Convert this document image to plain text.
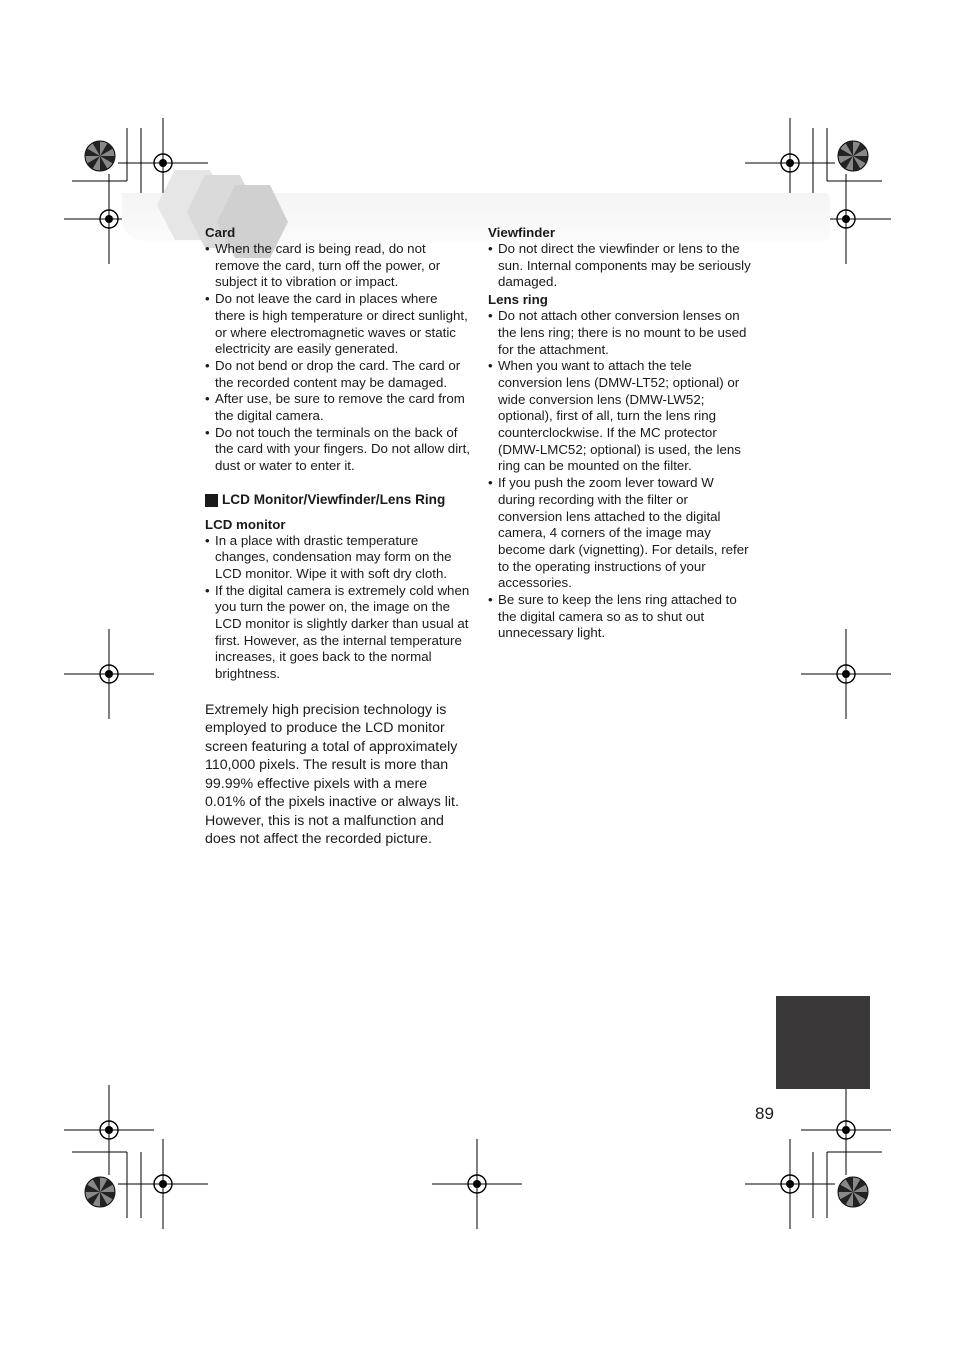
Card
• When the card is being read, do not remove the card, turn off the power, or subject it to vibration or impact.
• Do not leave the card in places where there is high temperature or direct sunlight, or where electromagnetic waves or static electricity are easily generated.
• Do not bend or drop the card. The card or the recorded content may be damaged.
• After use, be sure to remove the card from the digital camera.
• Do not touch the terminals on the back of the card with your fingers. Do not allow dirt, dust or water to enter it.
LCD Monitor/Viewfinder/Lens Ring
LCD monitor
• In a place with drastic temperature changes, condensation may form on the LCD monitor. Wipe it with soft dry cloth.
• If the digital camera is extremely cold when you turn the power on, the image on the LCD monitor is slightly darker than usual at first. However, as the internal temperature increases, it goes back to the normal brightness.

Extremely high precision technology is employed to produce the LCD monitor screen featuring a total of approximately 110,000 pixels. The result is more than 99.99% effective pixels with a mere 0.01% of the pixels inactive or always lit. However, this is not a malfunction and does not affect the recorded picture.

Viewfinder
• Do not direct the viewfinder or lens to the sun. Internal components may be seriously damaged.
Lens ring
• Do not attach other conversion lenses on the lens ring; there is no mount to be used for the attachment.
• When you want to attach the tele conversion lens (DMW-LT52; optional) or wide conversion lens (DMW-LW52; optional), first of all, turn the lens ring counterclockwise. If the MC protector (DMW-LMC52; optional) is used, the lens ring can be mounted on the filter.
• If you push the zoom lever toward W during recording with the filter or conversion lens attached to the digital camera, 4 corners of the image may become dark (vignetting). For details, refer to the operating instructions of your accessories.
• Be sure to keep the lens ring attached to the digital camera so as to shut out unnecessary light.
89
